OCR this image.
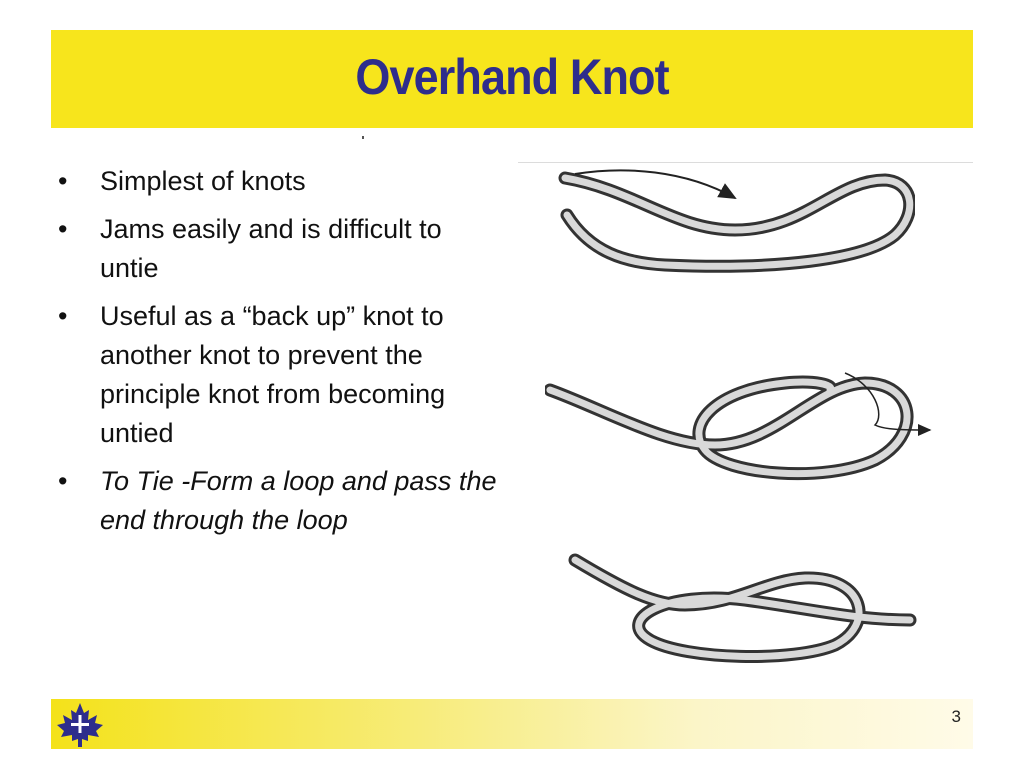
Overhand Knot
• Simplest of knots
• Jams easily and is difficult to untie
• Useful as a “back up” knot to another knot to prevent the principle knot from becoming untied
• To Tie -Form a loop and pass the end through the loop
3
